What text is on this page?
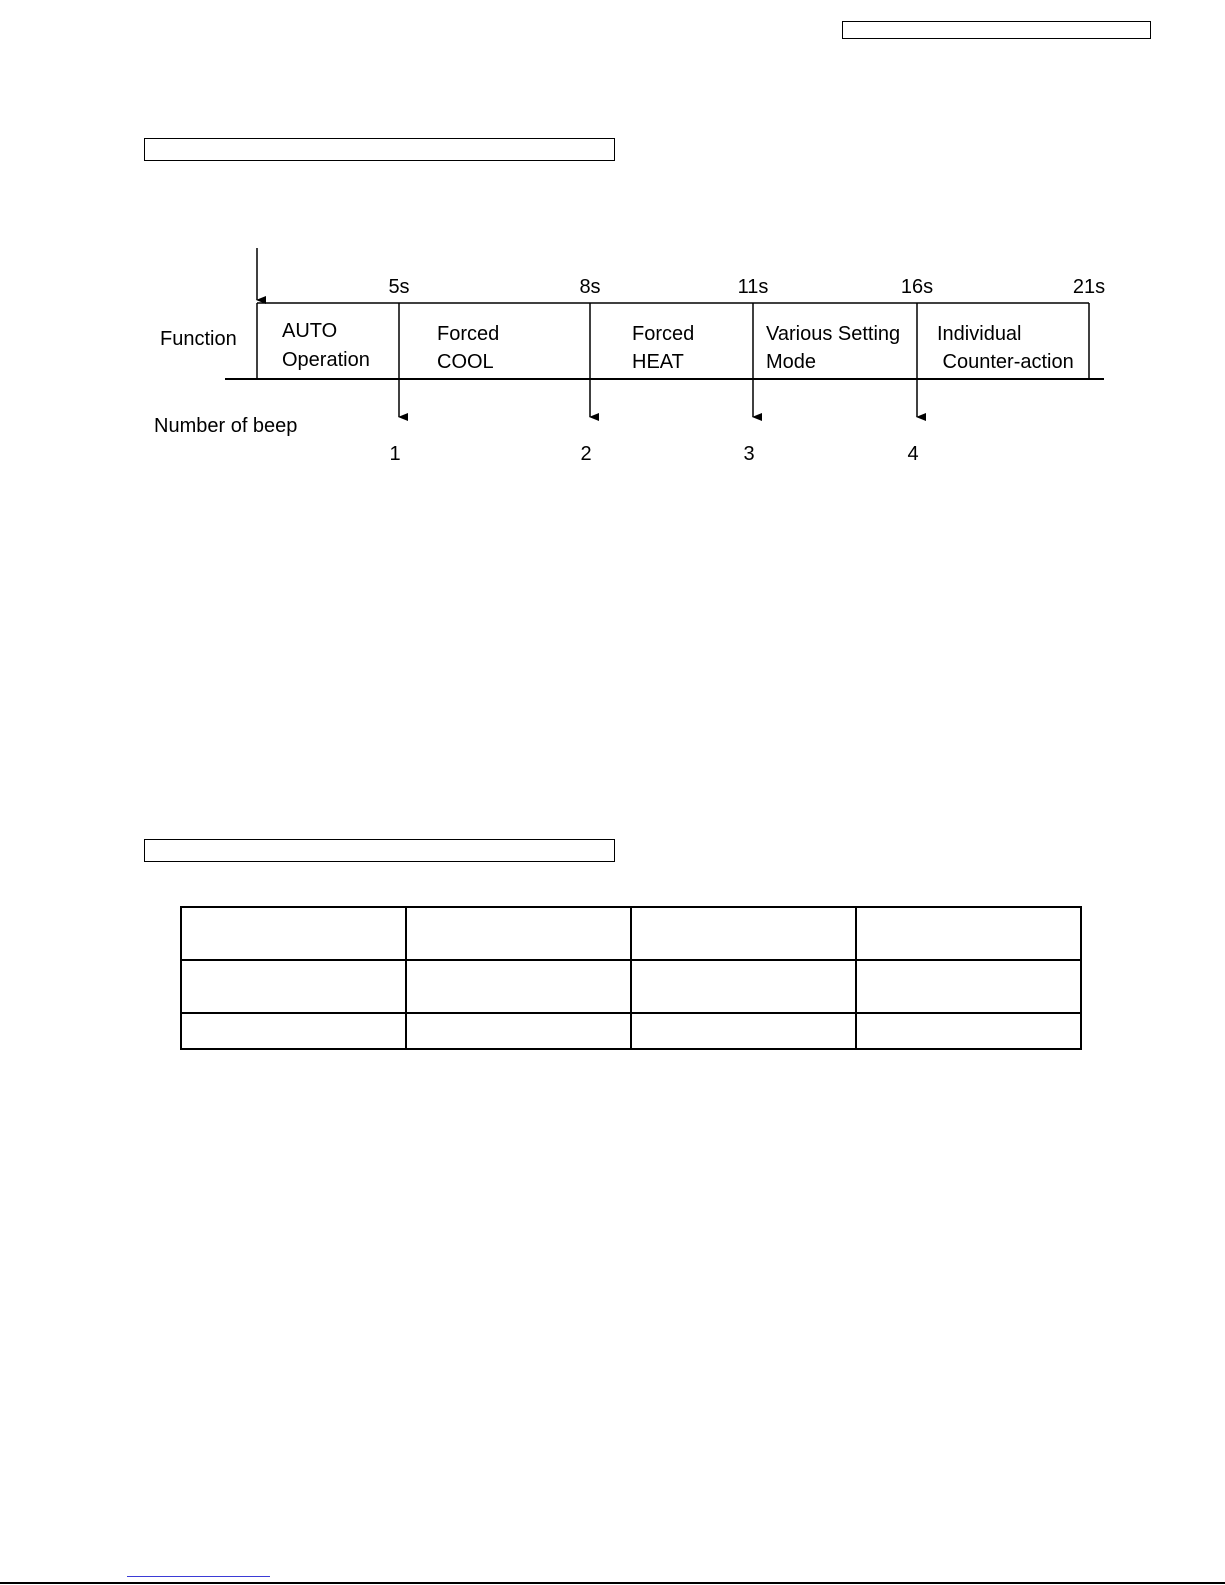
Function
Number of beep
5s
1
8s
2
11s
3
16s
4
21s
AUTO Operation
Forced COOL
Forced HEAT
Various Setting Mode
Individual Counter-action
